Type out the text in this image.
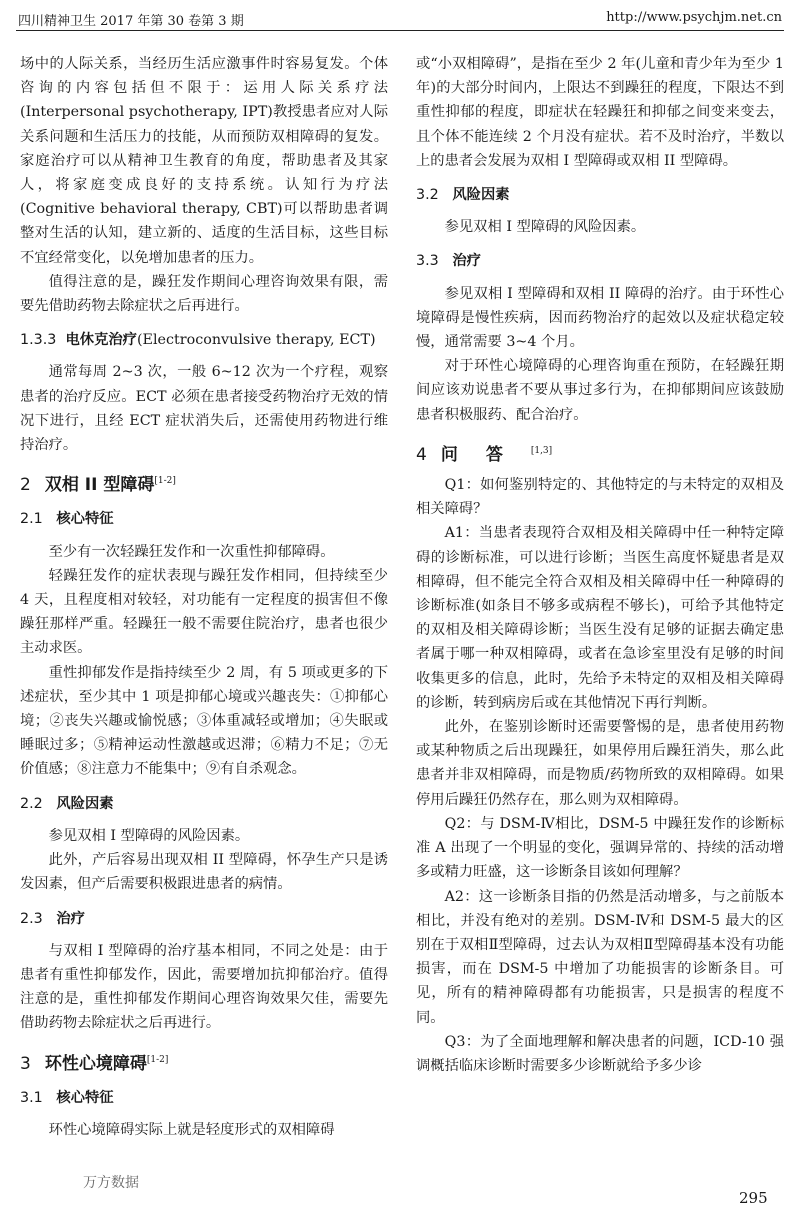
四川精神卫生 2017 年第 30 卷第 3 期	http://www.psychjm.net.cn

场中的人际关系，当经历生活应激事件时容易复发。个体咨询的内容包括但不限于：运用人际关系疗法(Interpersonal psychotherapy, IPT)教授患者应对人际关系问题和生活压力的技能，从而预防双相障碍的复发。家庭治疗可以从精神卫生教育的角度，帮助患者及其家人，将家庭变成良好的支持系统。认知行为疗法(Cognitive behavioral therapy, CBT)可以帮助患者调整对生活的认知，建立新的、适度的生活目标，这些目标不宜经常变化，以免增加患者的压力。

值得注意的是，躁狂发作期间心理咨询效果有限，需要先借助药物去除症状之后再进行。

1.3.3 电休克治疗(Electroconvulsive therapy, ECT)

通常每周 2~3 次，一般 6~12 次为一个疗程，观察患者的治疗反应。ECT 必须在患者接受药物治疗无效的情况下进行，且经 ECT 症状消失后，还需使用药物进行维持治疗。

2 双相 II 型障碍[1-2]
2.1 核心特征

至少有一次轻躁狂发作和一次重性抑郁障碍。

轻躁狂发作的症状表现与躁狂发作相同，但持续至少 4 天，且程度相对较轻，对功能有一定程度的损害但不像躁狂那样严重。轻躁狂一般不需要住院治疗，患者也很少主动求医。

重性抑郁发作是指持续至少 2 周，有 5 项或更多的下述症状，至少其中 1 项是抑郁心境或兴趣丧失：①抑郁心境；②丧失兴趣或愉悦感；③体重减轻或增加；④失眠或睡眠过多；⑤精神运动性激越或迟滞；⑥精力不足；⑦无价值感；⑧注意力不能集中；⑨有自杀观念。

2.2 风险因素

参见双相 I 型障碍的风险因素。

此外，产后容易出现双相 II 型障碍，怀孕生产只是诱发因素，但产后需要积极跟进患者的病情。

2.3 治疗

与双相 I 型障碍的治疗基本相同，不同之处是：由于患者有重性抑郁发作，因此，需要增加抗抑郁治疗。值得注意的是，重性抑郁发作期间心理咨询效果欠佳，需要先借助药物去除症状之后再进行。

3 环性心境障碍[1-2]
3.1 核心特征

环性心境障碍实际上就是轻度形式的双相障碍

或“小双相障碍”，是指在至少 2 年(儿童和青少年为至少 1 年)的大部分时间内，上限达不到躁狂的程度，下限达不到重性抑郁的程度，即症状在轻躁狂和抑郁之间变来变去，且个体不能连续 2 个月没有症状。若不及时治疗，半数以上的患者会发展为双相 I 型障碍或双相 II 型障碍。

3.2 风险因素

参见双相 I 型障碍的风险因素。

3.3 治疗

参见双相 I 型障碍和双相 II 障碍的治疗。由于环性心境障碍是慢性疾病，因而药物治疗的起效以及症状稳定较慢，通常需要 3~4 个月。

对于环性心境障碍的心理咨询重在预防，在轻躁狂期间应该劝说患者不要从事过多行为，在抑郁期间应该鼓励患者积极服药、配合治疗。

4 问答[1,3]

Q1：如何鉴别特定的、其他特定的与未特定的双相及相关障碍？

A1：当患者表现符合双相及相关障碍中任一种特定障碍的诊断标准，可以进行诊断；当医生高度怀疑患者是双相障碍，但不能完全符合双相及相关障碍中任一种障碍的诊断标准(如条目不够多或病程不够长)，可给予其他特定的双相及相关障碍诊断；当医生没有足够的证据去确定患者属于哪一种双相障碍，或者在急诊室里没有足够的时间收集更多的信息，此时，先给予未特定的双相及相关障碍的诊断，转到病房后或在其他情况下再行判断。

此外，在鉴别诊断时还需要警惕的是，患者使用药物或某种物质之后出现躁狂，如果停用后躁狂消失，那么此患者并非双相障碍，而是物质/药物所致的双相障碍。如果停用后躁狂仍然存在，那么则为双相障碍。

Q2：与 DSM-Ⅳ相比，DSM-5 中躁狂发作的诊断标准 A 出现了一个明显的变化，强调异常的、持续的活动增多或精力旺盛，这一诊断条目该如何理解？

A2：这一诊断条目指的仍然是活动增多，与之前版本相比，并没有绝对的差别。DSM-Ⅳ和 DSM-5 最大的区别在于双相Ⅱ型障碍，过去认为双相Ⅱ型障碍基本没有功能损害，而在 DSM-5 中增加了功能损害的诊断条目。可见，所有的精神障碍都有功能损害，只是损害的程度不同。

Q3：为了全面地理解和解决患者的问题，ICD-10 强调概括临床诊断时需要多少诊断就给予多少诊

万方数据
295
